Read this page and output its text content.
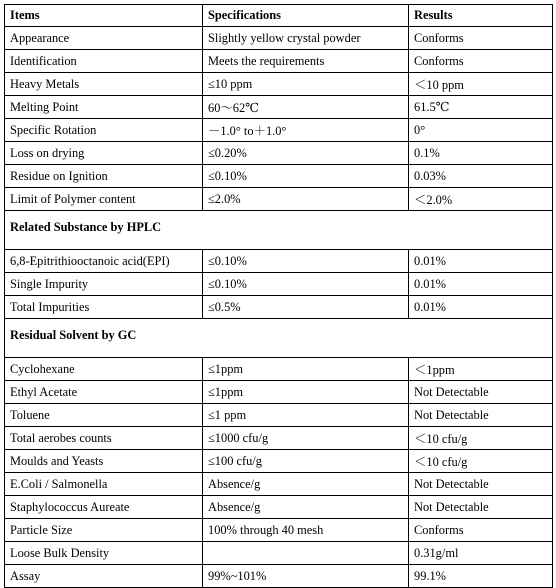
Items	Specifications	Results
Appearance	Slightly yellow crystal powder	Conforms
Identification	Meets the requirements	Conforms
Heavy Metals	≤10 ppm	＜10 ppm
Melting Point	60～62℃	61.5℃
Specific Rotation	－1.0° to＋1.0°	0°
Loss on drying	≤0.20%	0.1%
Residue on Ignition	≤0.10%	0.03%
Limit of Polymer content	≤2.0%	＜2.0%
Related Substance by HPLC		
6,8-Epitrithiooctanoic acid(EPI)	≤0.10%	0.01%
Single Impurity	≤0.10%	0.01%
Total Impurities	≤0.5%	0.01%
Residual Solvent by GC		
Cyclohexane	≤1ppm	＜1ppm
Ethyl Acetate	≤1ppm	Not Detectable
Toluene	≤1 ppm	Not Detectable
Total aerobes counts	≤1000 cfu/g	＜10 cfu/g
Moulds and Yeasts	≤100 cfu/g	＜10 cfu/g
E.Coli / Salmonella	Absence/g	Not Detectable
Staphylococcus Aureate	Absence/g	Not Detectable
Particle Size	100% through 40 mesh	Conforms
Loose Bulk Density		0.31g/ml
Assay	99%~101%	99.1%
